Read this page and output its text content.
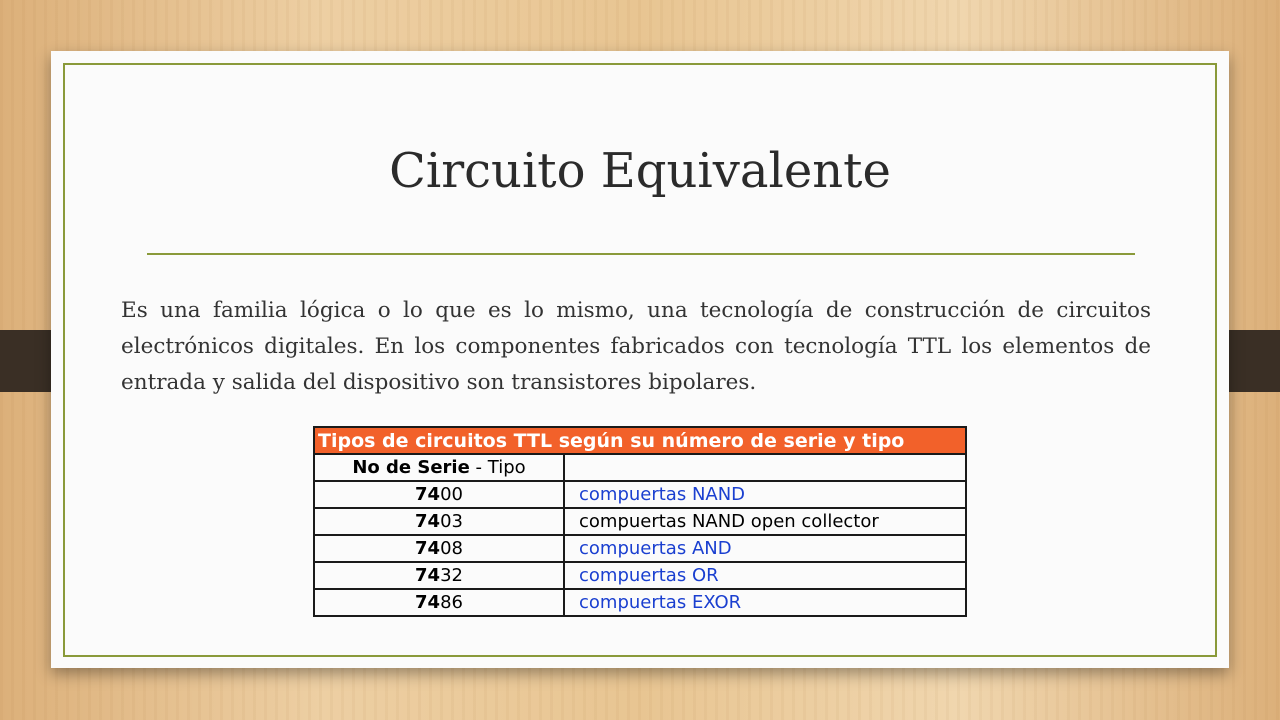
Circuito Equivalente

Es una familia lógica o lo que es lo mismo, una tecnología de construcción de circuitos electrónicos digitales. En los componentes fabricados con tecnología TTL los elementos de entrada y salida del dispositivo son transistores bipolares.

Tipos de circuitos TTL según su número de serie y tipo	
No de Serie - Tipo	
7400	compuertas NAND
7403	compuertas NAND open collector
7408	compuertas AND
7432	compuertas OR
7486	compuertas EXOR
